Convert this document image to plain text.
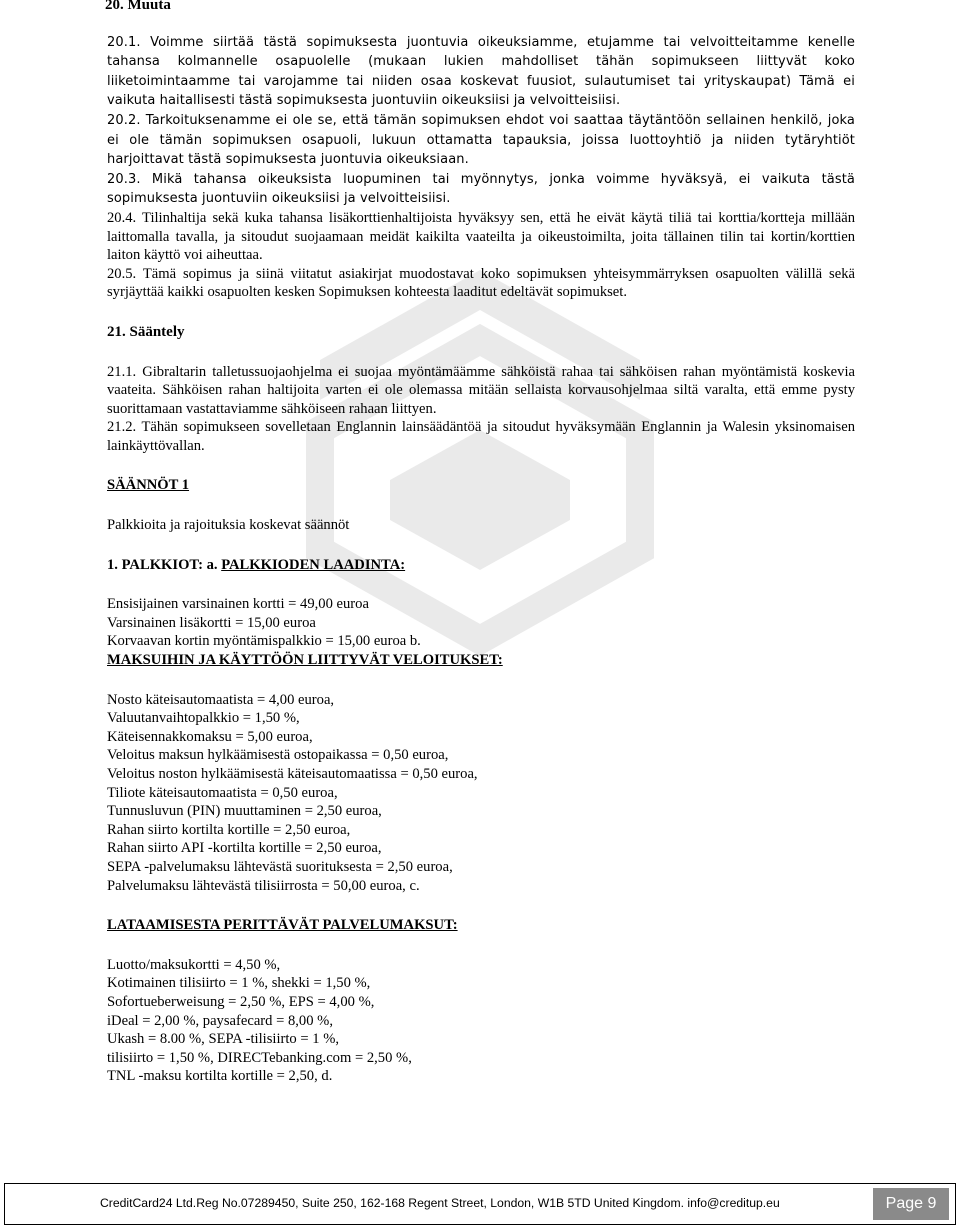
20. Muuta

20.1. Voimme siirtää tästä sopimuksesta juontuvia oikeuksiamme, etujamme tai velvoitteitamme kenelle tahansa kolmannelle osapuolelle (mukaan lukien mahdolliset tähän sopimukseen liittyvät koko liiketoimintaamme tai varojamme tai niiden osaa koskevat fuusiot, sulautumiset tai yrityskaupat) Tämä ei vaikuta haitallisesti tästä sopimuksesta juontuviin oikeuksiisi ja velvoitteisiisi.

20.2. Tarkoituksenamme ei ole se, että tämän sopimuksen ehdot voi saattaa täytäntöön sellainen henkilö, joka ei ole tämän sopimuksen osapuoli, lukuun ottamatta tapauksia, joissa luottoyhtiö ja niiden tytäryhtiöt harjoittavat tästä sopimuksesta juontuvia oikeuksiaan.

20.3. Mikä tahansa oikeuksista luopuminen tai myönnytys, jonka voimme hyväksyä, ei vaikuta tästä sopimuksesta juontuviin oikeuksiisi ja velvoitteisiisi.

20.4. Tilinhaltija sekä kuka tahansa lisäkorttienhaltijoista hyväksyy sen, että he eivät käytä tiliä tai korttia/kortteja millään laittomalla tavalla, ja sitoudut suojaamaan meidät kaikilta vaateilta ja oikeustoimilta, joita tällainen tilin tai kortin/korttien laiton käyttö voi aiheuttaa.

20.5. Tämä sopimus ja siinä viitatut asiakirjat muodostavat koko sopimuksen yhteisymmärryksen osapuolten välillä sekä syrjäyttää kaikki osapuolten kesken Sopimuksen kohteesta laaditut edeltävät sopimukset.

21. Sääntely

21.1. Gibraltarin talletussuojaohjelma ei suojaa myöntämäämme sähköistä rahaa tai sähköisen rahan myöntämistä koskevia vaateita. Sähköisen rahan haltijoita varten ei ole olemassa mitään sellaista korvausohjelmaa siltä varalta, että emme pysty suorittamaan vastattaviamme sähköiseen rahaan liittyen.

21.2. Tähän sopimukseen sovelletaan Englannin lainsäädäntöä ja sitoudut hyväksymään Englannin ja Walesin yksinomaisen lainkäyttövallan.

SÄÄNNÖT 1

Palkkioita ja rajoituksia koskevat säännöt

1. PALKKIOT: a. PALKKIODEN LAADINTA:

Ensisijainen varsinainen kortti = 49,00 euroa

Varsinainen lisäkortti = 15,00 euroa

Korvaavan kortin myöntämispalkkio = 15,00 euroa b.

MAKSUIHIN JA KÄYTTÖÖN LIITTYVÄT VELOITUKSET:

Nosto käteisautomaatista = 4,00 euroa,

Valuutanvaihtopalkkio = 1,50 %,

Käteisennakkomaksu = 5,00 euroa,

Veloitus maksun hylkäämisestä ostopaikassa = 0,50 euroa,

Veloitus noston hylkäämisestä käteisautomaatissa = 0,50 euroa,

Tiliote käteisautomaatista = 0,50 euroa,

Tunnusluvun (PIN) muuttaminen = 2,50 euroa,

Rahan siirto kortilta kortille = 2,50 euroa,

Rahan siirto API -kortilta kortille = 2,50 euroa,

SEPA -palvelumaksu lähtevästä suorituksesta = 2,50 euroa,

Palvelumaksu lähtevästä tilisiirrosta = 50,00 euroa, c.

LATAAMISESTA PERITTÄVÄT PALVELUMAKSUT:

Luotto/maksukortti = 4,50 %,

Kotimainen tilisiirto = 1 %, shekki = 1,50 %,

Sofortueberweisung = 2,50 %, EPS = 4,00 %,

iDeal = 2,00 %, paysafecard = 8,00 %,

Ukash = 8.00 %, SEPA -tilisiirto = 1 %,

tilisiirto = 1,50 %, DIRECTebanking.com = 2,50 %,

TNL -maksu kortilta kortille = 2,50, d.

CreditCard24 Ltd.Reg No.07289450, Suite 250, 162-168 Regent Street, London, W1B 5TD United Kingdom. info@creditup.eu	Page 9
